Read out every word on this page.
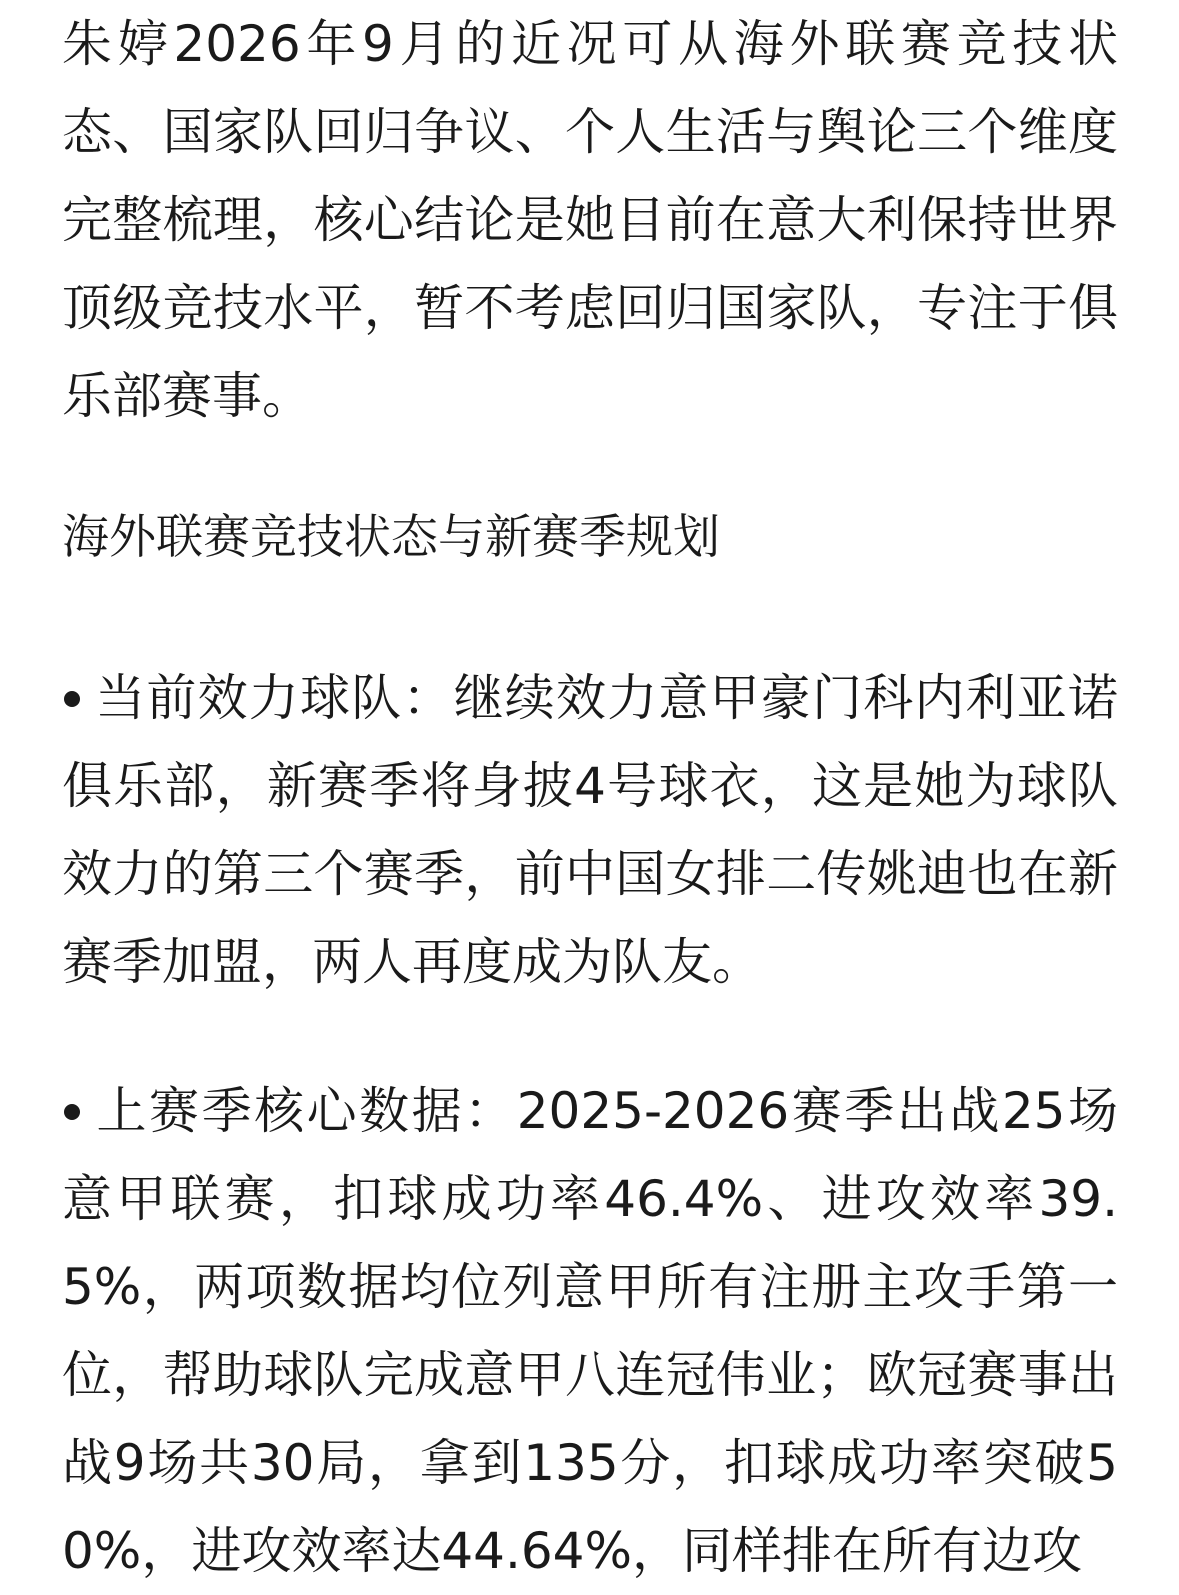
朱婷2026年9月的近况可从海外联赛竞技状态、国家队回归争议、个人生活与舆论三个维度完整梳理，核心结论是她目前在意大利保持世界顶级竞技水平，暂不考虑回归国家队，专注于俱乐部赛事。

海外联赛竞技状态与新赛季规划

当前效力球队：继续效力意甲豪门科内利亚诺俱乐部，新赛季将身披4号球衣，这是她为球队效力的第三个赛季，前中国女排二传姚迪也在新赛季加盟，两人再度成为队友。

上赛季核心数据：2025-2026赛季出战25场意甲联赛，扣球成功率46.4%、进攻效率39.5%，两项数据均位列意甲所有注册主攻手第一位，帮助球队完成意甲八连冠伟业；欧冠赛事出战9场共30局，拿到135分，扣球成功率突破50%，进攻效率达44.64%，同样排在所有边攻
